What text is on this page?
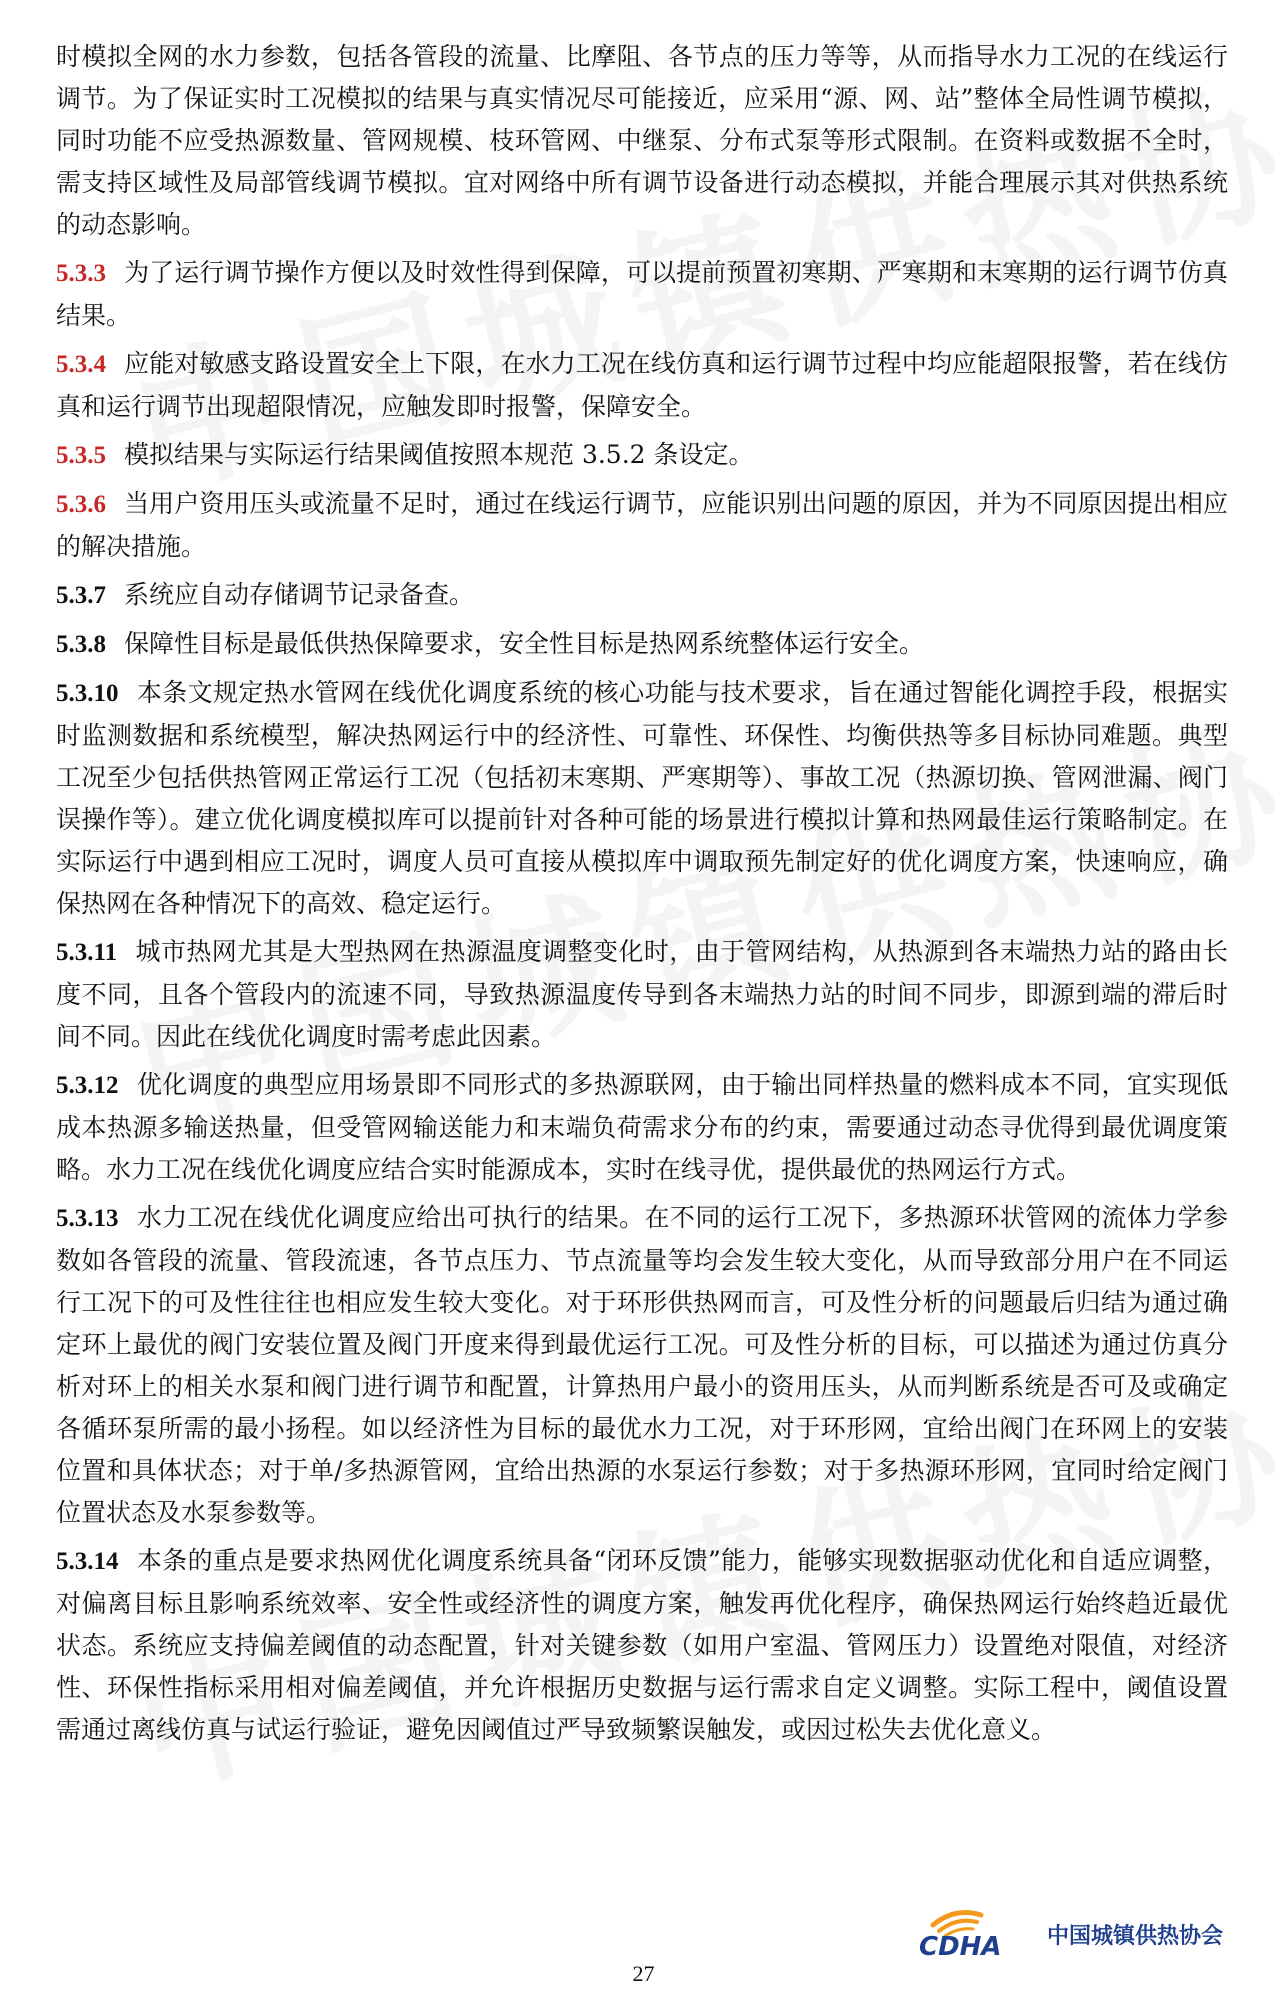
时模拟全网的水力参数，包括各管段的流量、比摩阻、各节点的压力等等，从而指导水力工况的在线运行调节。为了保证实时工况模拟的结果与真实情况尽可能接近，应采用“源、网、站”整体全局性调节模拟，同时功能不应受热源数量、管网规模、枝环管网、中继泵、分布式泵等形式限制。在资料或数据不全时，需支持区域性及局部管线调节模拟。宜对网络中所有调节设备进行动态模拟，并能合理展示其对供热系统的动态影响。

5.3.3 为了运行调节操作方便以及时效性得到保障，可以提前预置初寒期、严寒期和末寒期的运行调节仿真结果。

5.3.4 应能对敏感支路设置安全上下限，在水力工况在线仿真和运行调节过程中均应能超限报警，若在线仿真和运行调节出现超限情况，应触发即时报警，保障安全。

5.3.5 模拟结果与实际运行结果阈值按照本规范 3.5.2 条设定。

5.3.6 当用户资用压头或流量不足时，通过在线运行调节，应能识别出问题的原因，并为不同原因提出相应的解决措施。

5.3.7 系统应自动存储调节记录备查。

5.3.8 保障性目标是最低供热保障要求，安全性目标是热网系统整体运行安全。

5.3.10 本条文规定热水管网在线优化调度系统的核心功能与技术要求，旨在通过智能化调控手段，根据实时监测数据和系统模型，解决热网运行中的经济性、可靠性、环保性、均衡供热等多目标协同难题。典型工况至少包括供热管网正常运行工况（包括初末寒期、严寒期等）、事故工况（热源切换、管网泄漏、阀门误操作等）。建立优化调度模拟库可以提前针对各种可能的场景进行模拟计算和热网最佳运行策略制定。在实际运行中遇到相应工况时，调度人员可直接从模拟库中调取预先制定好的优化调度方案，快速响应，确保热网在各种情况下的高效、稳定运行。

5.3.11 城市热网尤其是大型热网在热源温度调整变化时，由于管网结构，从热源到各末端热力站的路由长度不同，且各个管段内的流速不同，导致热源温度传导到各末端热力站的时间不同步，即源到端的滞后时间不同。因此在线优化调度时需考虑此因素。

5.3.12 优化调度的典型应用场景即不同形式的多热源联网，由于输出同样热量的燃料成本不同，宜实现低成本热源多输送热量，但受管网输送能力和末端负荷需求分布的约束，需要通过动态寻优得到最优调度策略。水力工况在线优化调度应结合实时能源成本，实时在线寻优，提供最优的热网运行方式。

5.3.13 水力工况在线优化调度应给出可执行的结果。在不同的运行工况下，多热源环状管网的流体力学参数如各管段的流量、管段流速，各节点压力、节点流量等均会发生较大变化，从而导致部分用户在不同运行工况下的可及性往往也相应发生较大变化。对于环形供热网而言，可及性分析的问题最后归结为通过确定环上最优的阀门安装位置及阀门开度来得到最优运行工况。可及性分析的目标，可以描述为通过仿真分析对环上的相关水泵和阀门进行调节和配置，计算热用户最小的资用压头，从而判断系统是否可及或确定各循环泵所需的最小扬程。如以经济性为目标的最优水力工况，对于环形网，宜给出阀门在环网上的安装位置和具体状态；对于单/多热源管网，宜给出热源的水泵运行参数；对于多热源环形网，宜同时给定阀门位置状态及水泵参数等。

5.3.14 本条的重点是要求热网优化调度系统具备“闭环反馈”能力，能够实现数据驱动优化和自适应调整，对偏离目标且影响系统效率、安全性或经济性的调度方案，触发再优化程序，确保热网运行始终趋近最优状态。系统应支持偏差阈值的动态配置，针对关键参数（如用户室温、管网压力）设置绝对限值，对经济性、环保性指标采用相对偏差阈值，并允许根据历史数据与运行需求自定义调整。实际工程中，阈值设置需通过离线仿真与试运行验证，避免因阈值过严导致频繁误触发，或因过松失去优化意义。

CDHA 中国城镇供热协会
27
